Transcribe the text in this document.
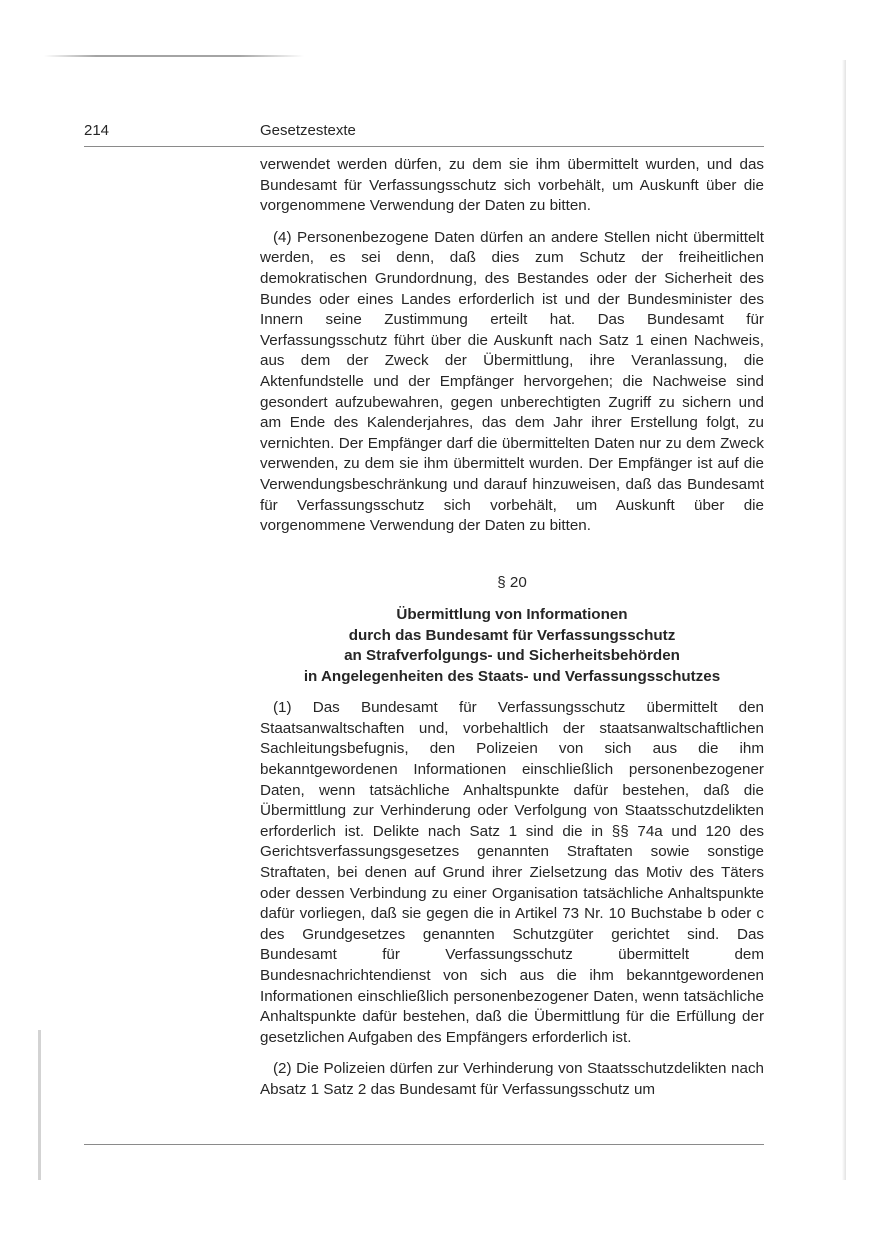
214	Gesetzestexte

verwendet werden dürfen, zu dem sie ihm übermittelt wurden, und das Bundesamt für Verfassungsschutz sich vorbehält, um Auskunft über die vorgenommene Verwendung der Daten zu bitten.

(4) Personenbezogene Daten dürfen an andere Stellen nicht übermittelt werden, es sei denn, daß dies zum Schutz der freiheitlichen demokratischen Grundordnung, des Bestandes oder der Sicherheit des Bundes oder eines Landes erforderlich ist und der Bundesminister des Innern seine Zustimmung erteilt hat. Das Bundesamt für Verfassungsschutz führt über die Auskunft nach Satz 1 einen Nachweis, aus dem der Zweck der Übermittlung, ihre Veranlassung, die Aktenfundstelle und der Empfänger hervorgehen; die Nachweise sind gesondert aufzubewahren, gegen unberechtigten Zugriff zu sichern und am Ende des Kalenderjahres, das dem Jahr ihrer Erstellung folgt, zu vernichten. Der Empfänger darf die übermittelten Daten nur zu dem Zweck verwenden, zu dem sie ihm übermittelt wurden. Der Empfänger ist auf die Verwendungsbeschränkung und darauf hinzuweisen, daß das Bundesamt für Verfassungsschutz sich vorbehält, um Auskunft über die vorgenommene Verwendung der Daten zu bitten.

§ 20

Übermittlung von Informationen
durch das Bundesamt für Verfassungsschutz
an Strafverfolgungs- und Sicherheitsbehörden
in Angelegenheiten des Staats- und Verfassungsschutzes

(1) Das Bundesamt für Verfassungsschutz übermittelt den Staatsanwaltschaften und, vorbehaltlich der staatsanwaltschaftlichen Sachleitungsbefugnis, den Polizeien von sich aus die ihm bekanntgewordenen Informationen einschließlich personenbezogener Daten, wenn tatsächliche Anhaltspunkte dafür bestehen, daß die Übermittlung zur Verhinderung oder Verfolgung von Staatsschutzdelikten erforderlich ist. Delikte nach Satz 1 sind die in §§ 74a und 120 des Gerichtsverfassungsgesetzes genannten Straftaten sowie sonstige Straftaten, bei denen auf Grund ihrer Zielsetzung das Motiv des Täters oder dessen Verbindung zu einer Organisation tatsächliche Anhaltspunkte dafür vorliegen, daß sie gegen die in Artikel 73 Nr. 10 Buchstabe b oder c des Grundgesetzes genannten Schutzgüter gerichtet sind. Das Bundesamt für Verfassungsschutz übermittelt dem Bundesnachrichtendienst von sich aus die ihm bekanntgewordenen Informationen einschließlich personenbezogener Daten, wenn tatsächliche Anhaltspunkte dafür bestehen, daß die Übermittlung für die Erfüllung der gesetzlichen Aufgaben des Empfängers erforderlich ist.

(2) Die Polizeien dürfen zur Verhinderung von Staatsschutzdelikten nach Absatz 1 Satz 2 das Bundesamt für Verfassungsschutz um
